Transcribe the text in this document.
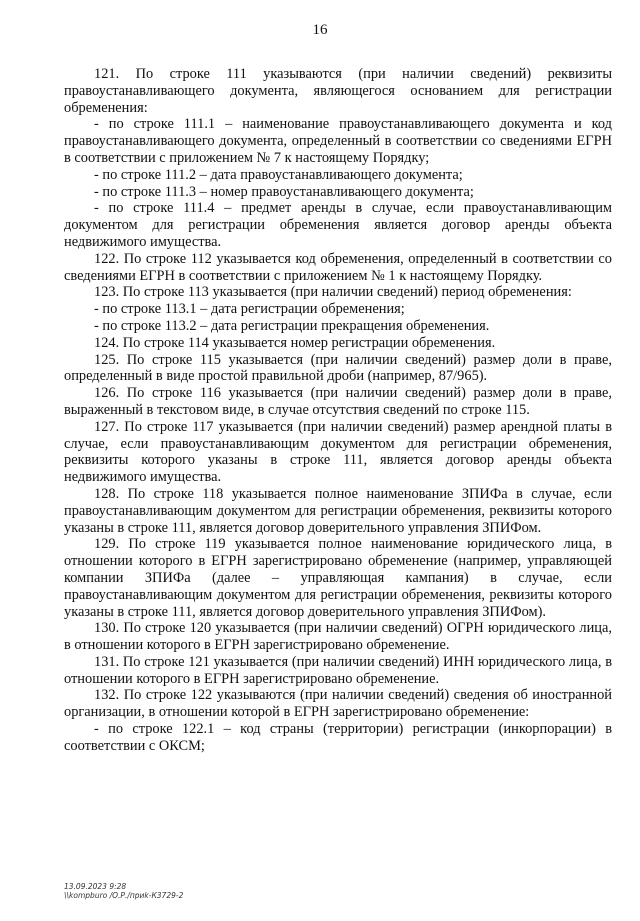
16

121. По строке 111 указываются (при наличии сведений) реквизиты правоустанавливающего документа, являющегося основанием для регистрации обременения:

- по строке 111.1 – наименование правоустанавливающего документа и код правоустанавливающего документа, определенный в соответствии со сведениями ЕГРН в соответствии с приложением № 7 к настоящему Порядку;

- по строке 111.2 – дата правоустанавливающего документа;

- по строке 111.3 – номер правоустанавливающего документа;

- по строке 111.4 – предмет аренды в случае, если правоустанавливающим документом для регистрации обременения является договор аренды объекта недвижимого имущества.

122. По строке 112 указывается код обременения, определенный в соответствии со сведениями ЕГРН в соответствии с приложением № 1 к настоящему Порядку.

123. По строке 113 указывается (при наличии сведений) период обременения:

- по строке 113.1 – дата регистрации обременения;

- по строке 113.2 – дата регистрации прекращения обременения.

124. По строке 114 указывается номер регистрации обременения.

125. По строке 115 указывается (при наличии сведений) размер доли в праве, определенный в виде простой правильной дроби (например, 87/965).

126. По строке 116 указывается (при наличии сведений) размер доли в праве, выраженный в текстовом виде, в случае отсутствия сведений по строке 115.

127. По строке 117 указывается (при наличии сведений) размер арендной платы в случае, если правоустанавливающим документом для регистрации обременения, реквизиты которого указаны в строке 111, является договор аренды объекта недвижимого имущества.

128. По строке 118 указывается полное наименование ЗПИФа в случае, если правоустанавливающим документом для регистрации обременения, реквизиты которого указаны в строке 111, является договор доверительного управления ЗПИФом.

129. По строке 119 указывается полное наименование юридического лица, в отношении которого в ЕГРН зарегистрировано обременение (например, управляющей компании ЗПИФа (далее – управляющая кампания) в случае, если правоустанавливающим документом для регистрации обременения, реквизиты которого указаны в строке 111, является договор доверительного управления ЗПИФом).

130. По строке 120 указывается (при наличии сведений) ОГРН юридического лица, в отношении которого в ЕГРН зарегистрировано обременение.

131. По строке 121 указывается (при наличии сведений) ИНН юридического лица, в отношении которого в ЕГРН зарегистрировано обременение.

132. По строке 122 указываются (при наличии сведений) сведения об иностранной организации, в отношении которой в ЕГРН зарегистрировано обременение:

- по строке 122.1 – код страны (территории) регистрации (инкорпорации) в соответствии с ОКСМ;

13.09.2023 9:28
\\kompburo /О.Р./приk-К3729-2
